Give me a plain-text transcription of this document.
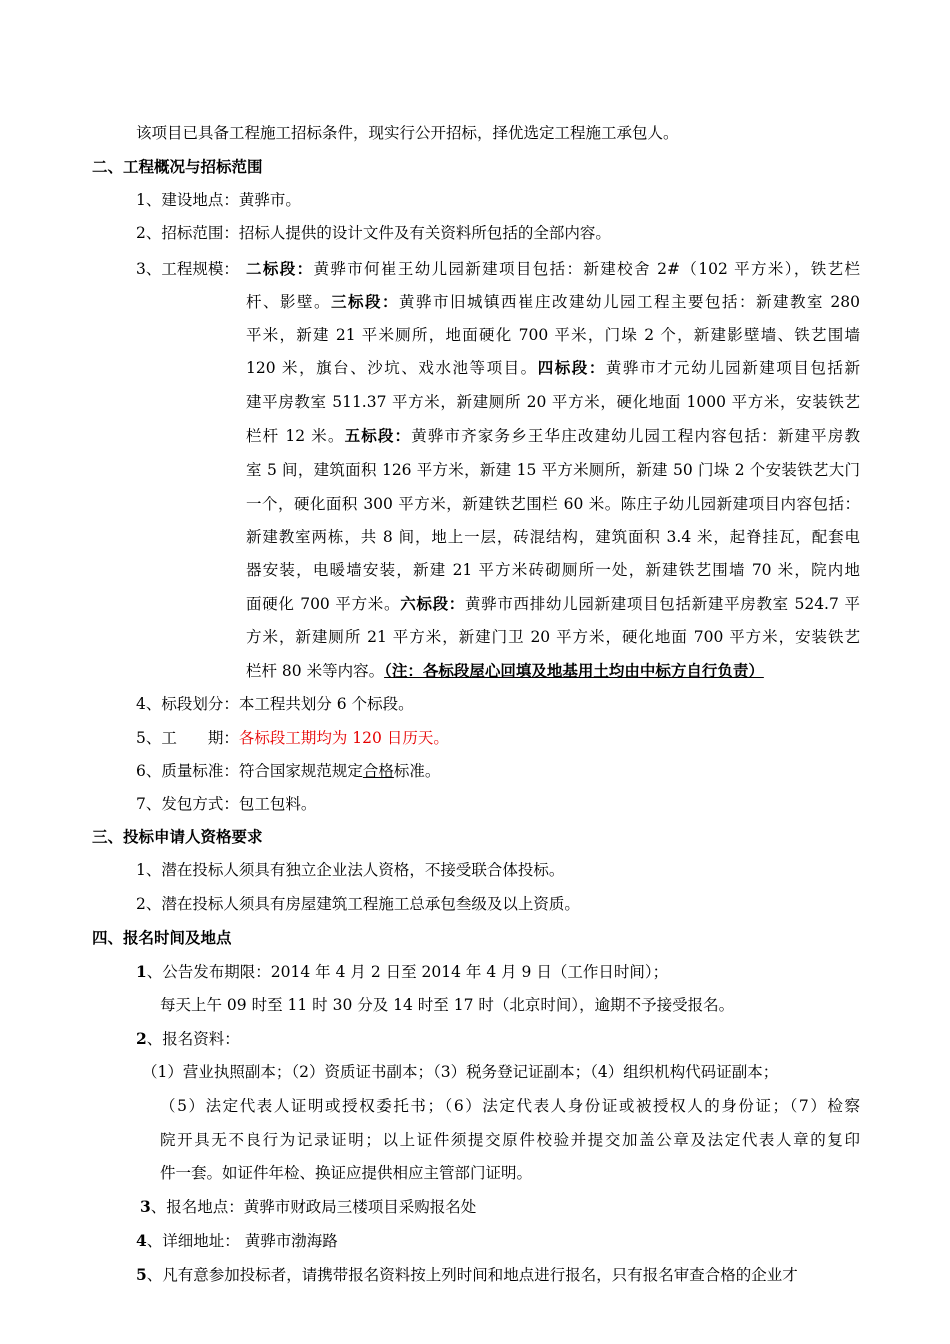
该项目已具备工程施工招标条件，现实行公开招标，择优选定工程施工承包人。
二、工程概况与招标范围
1、建设地点：黄骅市。
2、招标范围：招标人提供的设计文件及有关资料所包括的全部内容。
3、工程规模： 二标段：黄骅市何崔王幼儿园新建项目包括：新建校舍 2#（102 平方米），铁艺栏
杆、影壁。三标段：黄骅市旧城镇西崔庄改建幼儿园工程主要包括：新建教室 280
平米，新建 21 平米厕所，地面硬化 700 平米，门垛 2 个，新建影壁墙、铁艺围墙
120 米，旗台、沙坑、戏水池等项目。四标段：黄骅市才元幼儿园新建项目包括新
建平房教室 511.37 平方米，新建厕所 20 平方米，硬化地面 1000 平方米，安装铁艺
栏杆 12 米。五标段：黄骅市齐家务乡王华庄改建幼儿园工程内容包括：新建平房教
室 5 间，建筑面积 126 平方米，新建 15 平方米厕所，新建 50 门垛 2 个安装铁艺大门
一个，硬化面积 300 平方米，新建铁艺围栏 60 米。陈庄子幼儿园新建项目内容包括：
新建教室两栋，共 8 间，地上一层，砖混结构，建筑面积 3.4 米，起脊挂瓦，配套电
器安装，电暖墙安装，新建 21 平方米砖砌厕所一处，新建铁艺围墙 70 米，院内地
面硬化 700 平方米。六标段：黄骅市西排幼儿园新建项目包括新建平房教室 524.7 平
方米，新建厕所 21 平方米，新建门卫 20 平方米，硬化地面 700 平方米，安装铁艺
栏杆 80 米等内容。（注：各标段屋心回填及地基用土均由中标方自行负责）
4、标段划分：本工程共划分 6 个标段。
5、工　　期：各标段工期均为 120 日历天。
6、质量标准：符合国家规范规定合格标准。
7、发包方式：包工包料。
三、投标申请人资格要求
1、潜在投标人须具有独立企业法人资格，不接受联合体投标。
2、潜在投标人须具有房屋建筑工程施工总承包叁级及以上资质。
四、报名时间及地点
1、公告发布期限：2014 年 4 月 2 日至 2014 年 4 月 9 日（工作日时间）；
每天上午 09 时至 11 时 30 分及 14 时至 17 时（北京时间），逾期不予接受报名。
2、报名资料：
（1）营业执照副本；（2）资质证书副本；（3）税务登记证副本；（4）组织机构代码证副本；
（5）法定代表人证明或授权委托书；（6）法定代表人身份证或被授权人的身份证；（7）检察
院开具无不良行为记录证明；以上证件须提交原件校验并提交加盖公章及法定代表人章的复印
件一套。如证件年检、换证应提供相应主管部门证明。
3、报名地点：黄骅市财政局三楼项目采购报名处
4、详细地址： 黄骅市渤海路
5、凡有意参加投标者，请携带报名资料按上列时间和地点进行报名，只有报名审查合格的企业才
